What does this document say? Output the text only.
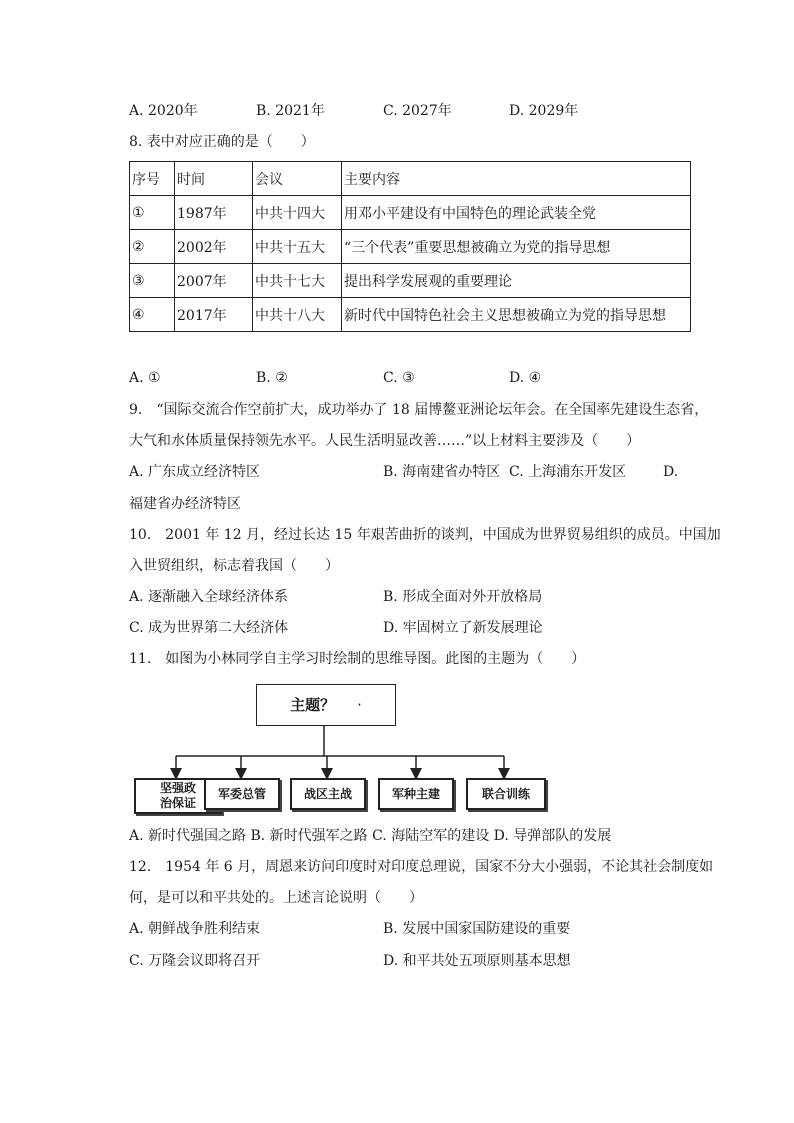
A. 2020年	B. 2021年	C. 2027年	D. 2029年
8. 表中对应正确的是（　　）
序号	时间	会议	主要内容
①	1987年	中共十四大	用邓小平建设有中国特色的理论武装全党
②	2002年	中共十五大	“三个代表”重要思想被确立为党的指导思想
③	2007年	中共十七大	提出科学发展观的重要理论
④	2017年	中共十八大	新时代中国特色社会主义思想被确立为党的指导思想
A. ①	B. ②	C. ③	D. ④
9.　“国际交流合作空前扩大，成功举办了 18 届博鳌亚洲论坛年会。在全国率先建设生态省，
大气和水体质量保持领先水平。人民生活明显改善……”以上材料主要涉及（　　）
A. 广东成立经济特区	B. 海南建省办特区 C. 上海浦东开发区	D.
福建省办经济特区
10.　2001 年 12 月，经过长达 15 年艰苦曲折的谈判，中国成为世界贸易组织的成员。中国加
入世贸组织，标志着我国（　　）
A. 逐渐融入全球经济体系	B. 形成全面对外开放格局
C. 成为世界第二大经济体	D. 牢固树立了新发展理论
11.　如图为小林同学自主学习时绘制的思维导图。此图的主题为（　　）
主题？ ·
坚强政
治保证
军委总管	战区主战	军种主建	联合训练
A. 新时代强国之路 B. 新时代强军之路 C. 海陆空军的建设 D. 导弹部队的发展
12.　1954 年 6 月，周恩来访问印度时对印度总理说，国家不分大小强弱，不论其社会制度如
何，是可以和平共处的。上述言论说明（　　）
A. 朝鲜战争胜利结束	B. 发展中国家国防建设的重要
C. 万隆会议即将召开	D. 和平共处五项原则基本思想
